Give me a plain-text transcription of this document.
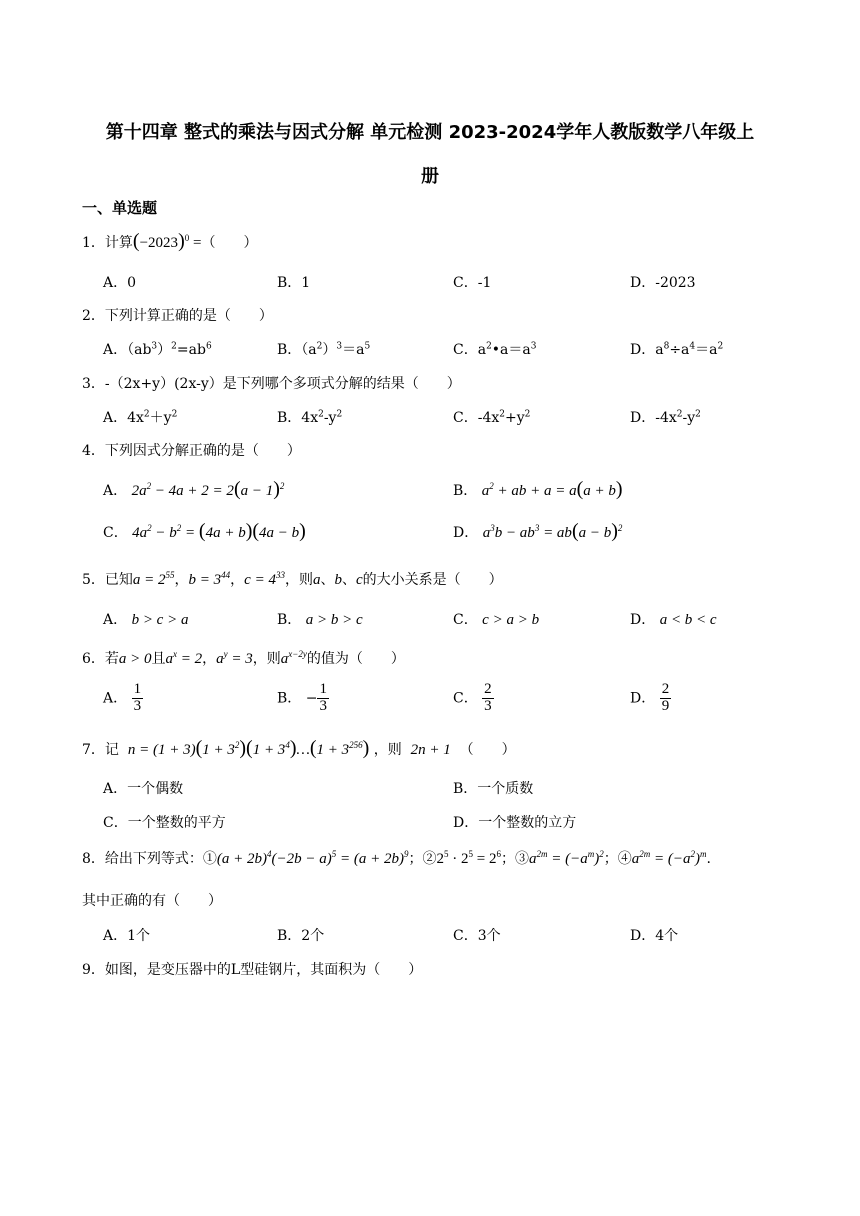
第十四章 整式的乘法与因式分解 单元检测 2023-2024学年人教版数学八年级上
册
一、单选题
1．计算$(-2023)^0$ =（　　）
A．0	B．1	C．-1	D．-2023
2．下列计算正确的是（　　）
A．$(ab^3)^2=ab^6$	B．$(a^2)^3=a^5$	C．$a^2•a=a^3$	D．$a^8\div a^4=a^2$
3．-（2x+y）(2x-y）是下列哪个多项式分解的结果（　　）
A．$4x^2+y^2$	B．$4x^2-y^2$	C．$-4x^2+y^2$	D．$-4x^2-y^2$
4．下列因式分解正确的是（　　）
A． $2a^2 - 4a + 2 = 2(a - 1)^2$	B． $a^2$ + ab + a = a(a + b)
C． $4a^2 - b^2 = (4a + b)(4a - b)$	D． $a^3b - ab^3 = ab(a - b)^2$
5．已知$a = 2^{55}$，$b = 3^{44}$，$c = 4^{33}$，则a、b、c的大小关系是（　　）
A． b > c > a	B． a > b > c	C． c > a > b	D． a < b < c
6．若a > 0且$a^x = 2$，$a^y = 3$，则$a^{x-2y}$的值为（　　）
A． $\frac{1}{3}$	B． − $\frac{1}{3}$	C． $\frac{2}{3}$	D． $\frac{2}{9}$
7．记 $n = (1 + 3)(1 + 3^2)(1$ + $3^4)\dots(1 + 3^{256})$ ，则  2n + 1  （　　）
A．一个偶数	B．一个质数
C．一个整数的平方	D．一个整数的立方
8．给出下列等式：①(a + $2b)^4(-2b - a)^5 = (a + 2b)^9$；$②2^5 \cdot 2^5 = 2^6$；$③a^{2m} = (-a^m)^2$；$④a^{2m} = (-a^2)^m$.
其中正确的有（　　）
A．1个	B．2个	C．3个	D．4个
9．如图，是变压器中的L型硅钢片，其面积为（　　）
